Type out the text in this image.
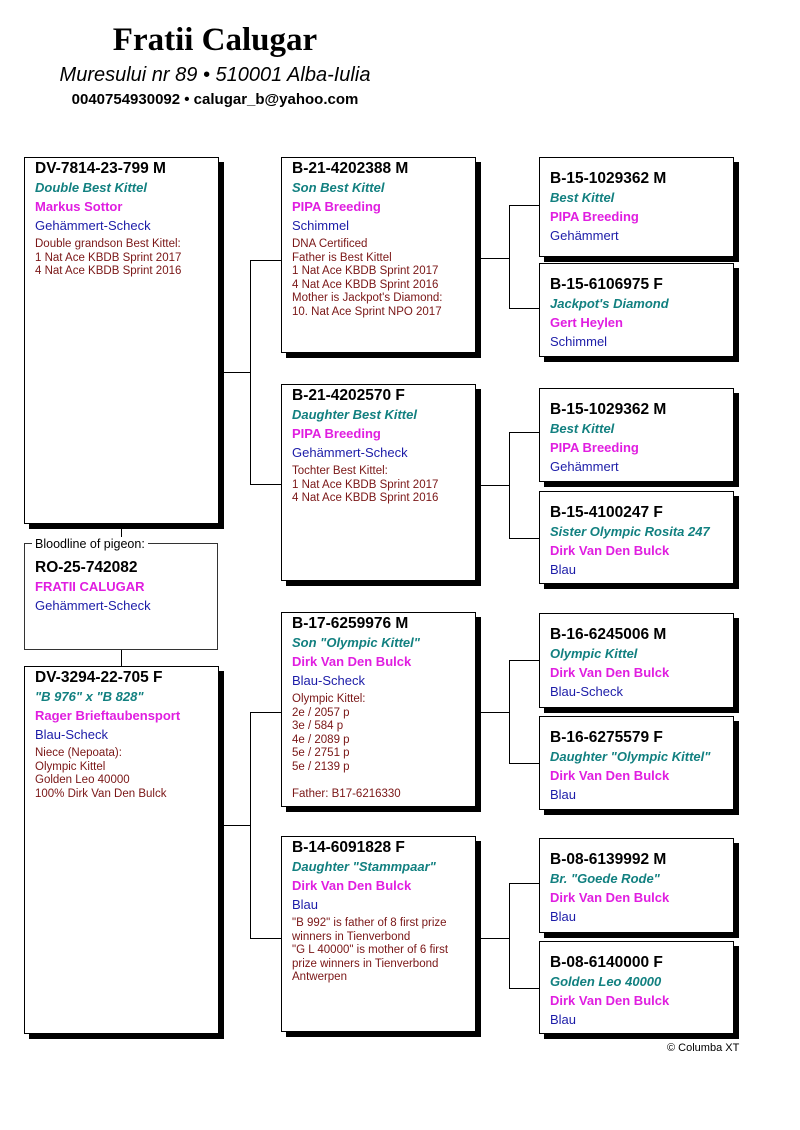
Fratii Calugar
Muresului nr 89 • 510001 Alba-Iulia
0040754930092 • calugar_b@yahoo.com
RO-25-742082
FRATII CALUGAR
Gehämmert-Scheck
Bloodline of pigeon:
DV-7814-23-799 M
Double Best Kittel
Markus Sottor
Gehämmert-Scheck
Double grandson Best Kittel:
1 Nat Ace KBDB Sprint 2017
4 Nat Ace KBDB Sprint 2016
DV-3294-22-705 F
"B 976" x "B 828"
Rager Brieftaubensport
Blau-Scheck
Niece (Nepoata):
Olympic Kittel
Golden Leo 40000
100% Dirk Van Den Bulck
B-21-4202388 M
Son Best Kittel
PIPA Breeding
Schimmel
DNA Certificed
Father is Best Kittel
1 Nat Ace KBDB Sprint 2017
4 Nat Ace KBDB Sprint 2016
Mother is Jackpot's Diamond:
10. Nat Ace Sprint NPO 2017
B-21-4202570 F
Daughter Best Kittel
PIPA Breeding
Gehämmert-Scheck
Tochter Best Kittel:
1 Nat Ace KBDB Sprint 2017
4 Nat Ace KBDB Sprint 2016
B-17-6259976 M
Son "Olympic Kittel"
Dirk Van Den Bulck
Blau-Scheck
Olympic Kittel:
2e / 2057 p
3e / 584 p
4e / 2089 p
5e / 2751 p
5e / 2139 p

Father: B17-6216330
B-14-6091828 F
Daughter "Stammpaar"
Dirk Van Den Bulck
Blau
"B 992" is father of 8 first prize
winners in Tienverbond
"G L 40000" is mother of 6 first
prize winners in Tienverbond
Antwerpen
B-15-1029362 M
Best Kittel
PIPA Breeding
Gehämmert
B-15-6106975 F
Jackpot's Diamond
Gert Heylen
Schimmel
B-15-1029362 M
Best Kittel
PIPA Breeding
Gehämmert
B-15-4100247 F
Sister Olympic Rosita 247
Dirk Van Den Bulck
Blau
B-16-6245006 M
Olympic Kittel
Dirk Van Den Bulck
Blau-Scheck
B-16-6275579 F
Daughter "Olympic Kittel"
Dirk Van Den Bulck
Blau
B-08-6139992 M
Br. "Goede Rode"
Dirk Van Den Bulck
Blau
B-08-6140000 F
Golden Leo 40000
Dirk Van Den Bulck
Blau
© Columba XT
